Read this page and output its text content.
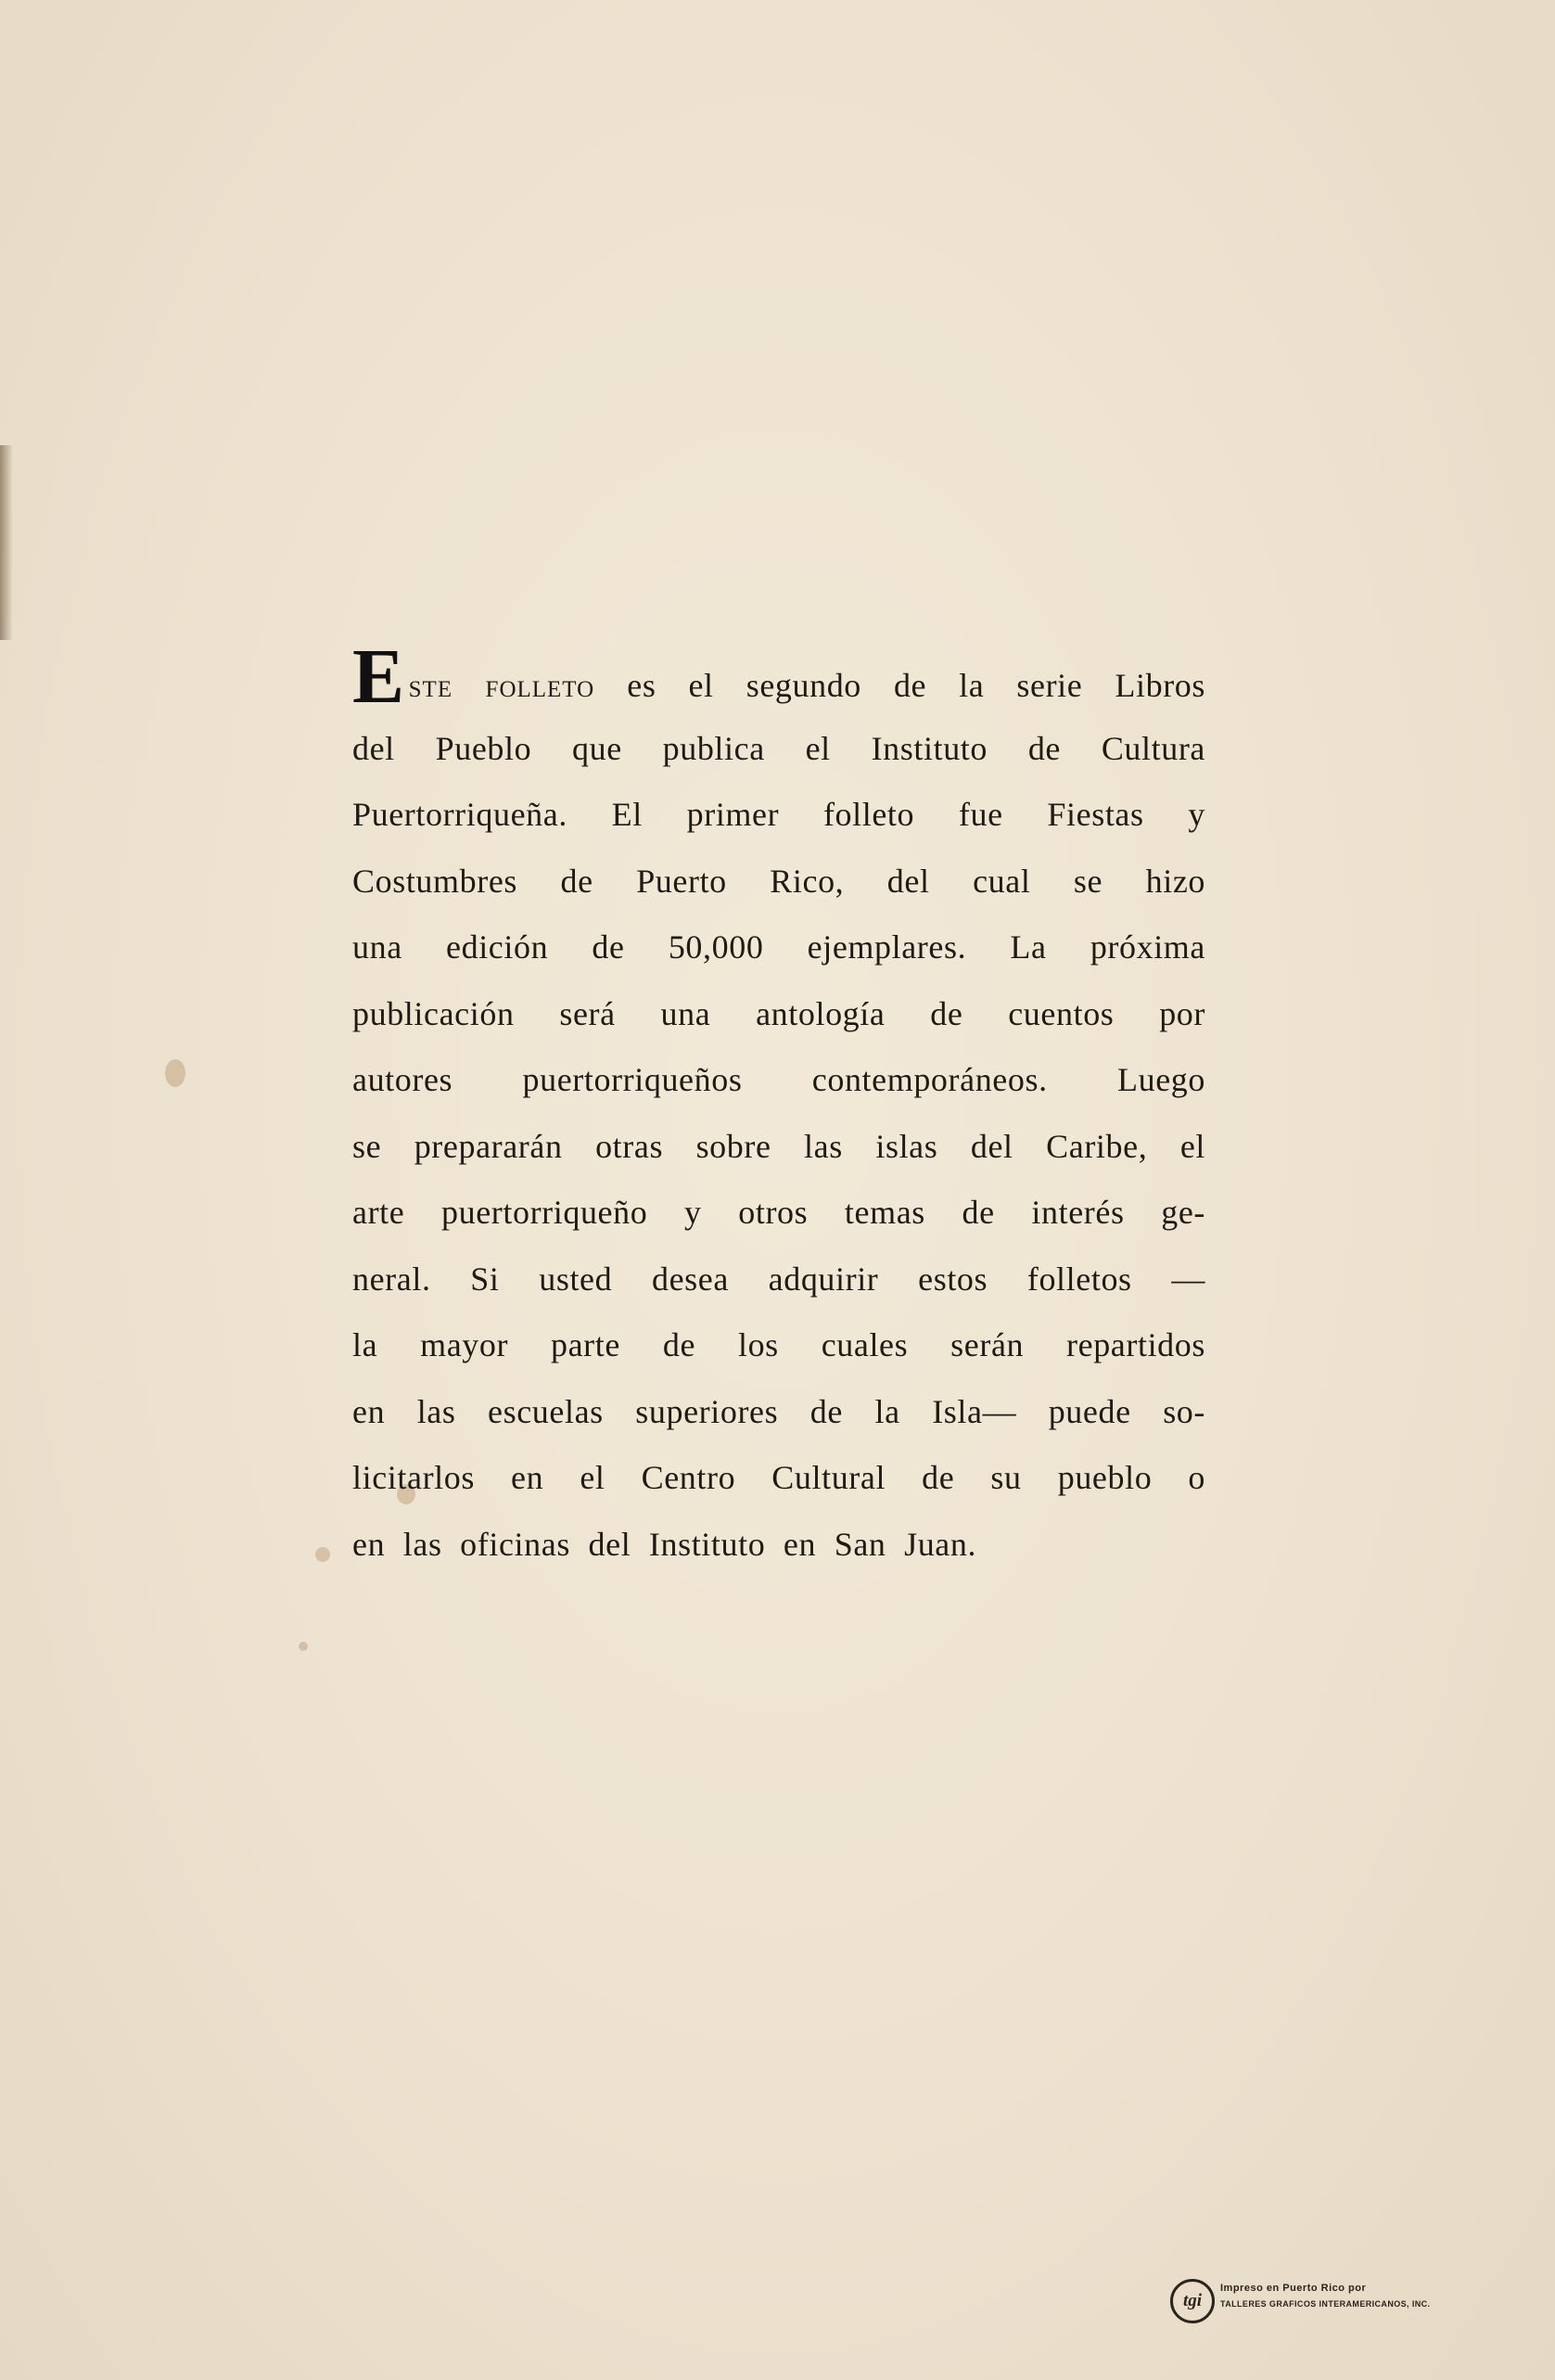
Este folleto es el segundo de la serie Libros
del Pueblo que publica el Instituto de Cultura
Puertorriqueña. El primer folleto fue Fiestas y
Costumbres de Puerto Rico, del cual se hizo
una edición de 50,000 ejemplares. La próxima
publicación será una antología de cuentos por
autores puertorriqueños contemporáneos. Luego
se prepararán otras sobre las islas del Caribe, el
arte puertorriqueño y otros temas de interés ge-
neral. Si usted desea adquirir estos folletos —
la mayor parte de los cuales serán repartidos
en las escuelas superiores de la Isla— puede so-
licitarlos en el Centro Cultural de su pueblo o
en las oficinas del Instituto en San Juan.
tgi
Impreso en Puerto Rico por
TALLERES GRAFICOS INTERAMERICANOS, INC.
